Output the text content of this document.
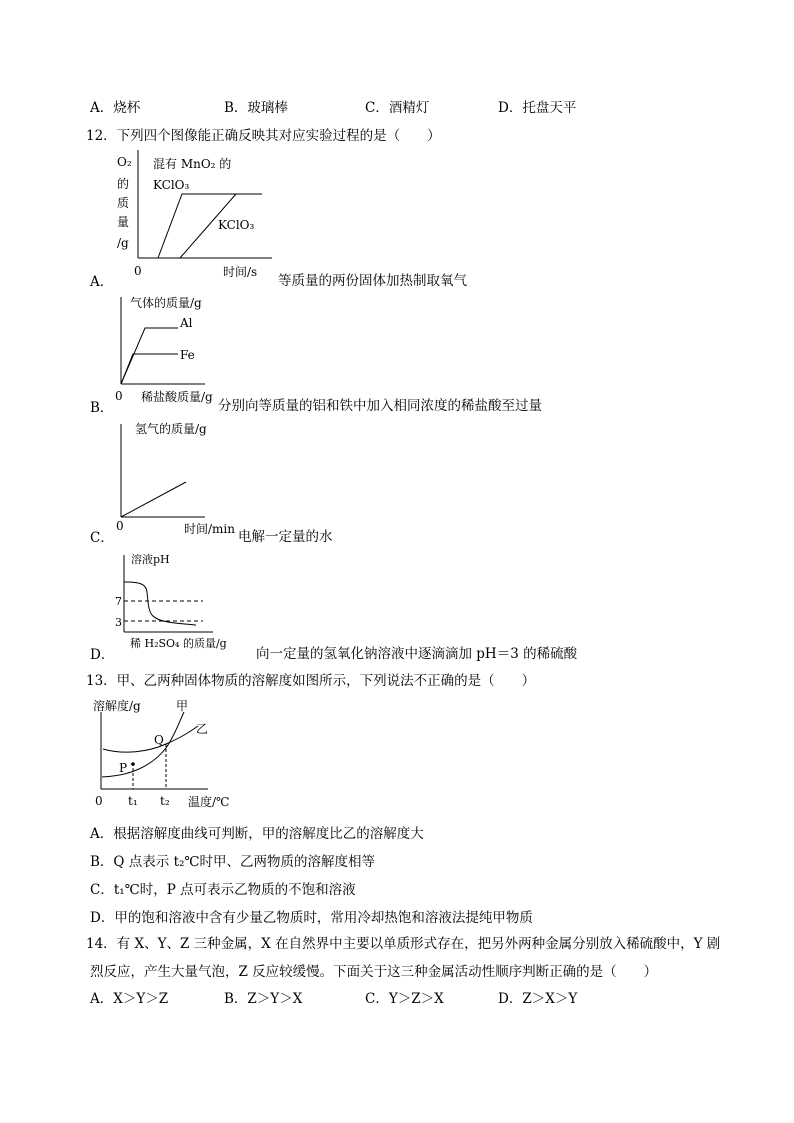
A．烧杯	B．玻璃棒	C．酒精灯	D．托盘天平
12．下列四个图像能正确反映其对应实验过程的是（　　）
O₂
的
质
量
/g
混有 MnO₂ 的
KClO₃
KClO₃
0	时间/s
A．	等质量的两份固体加热制取氧气
气体的质量/g
Al
Fe
0 稀盐酸质量/g
B．	分别向等质量的铝和铁中加入相同浓度的稀盐酸至过量
氢气的质量/g
0	时间/min
C．	电解一定量的水
溶液pH
7
3
稀 H₂SO₄ 的质量/g
D．	向一定量的氢氧化钠溶液中逐滴滴加 pH＝3 的稀硫酸
13．甲、乙两种固体物质的溶解度如图所示，下列说法不正确的是（　　）
溶解度/g	甲
乙
Q
P
0 t₁ t₂ 温度/℃
A．根据溶解度曲线可判断，甲的溶解度比乙的溶解度大
B．Q 点表示 t₂℃时甲、乙两物质的溶解度相等
C．t₁℃时，P 点可表示乙物质的不饱和溶液
D．甲的饱和溶液中含有少量乙物质时，常用冷却热饱和溶液法提纯甲物质
14．有 X、Y、Z 三种金属，X 在自然界中主要以单质形式存在，把另外两种金属分别放入稀硫酸中，Y 剧
烈反应，产生大量气泡，Z 反应较缓慢。下面关于这三种金属活动性顺序判断正确的是（　　）
A．X＞Y＞Z	B．Z＞Y＞X	C．Y＞Z＞X	D．Z＞X＞Y
